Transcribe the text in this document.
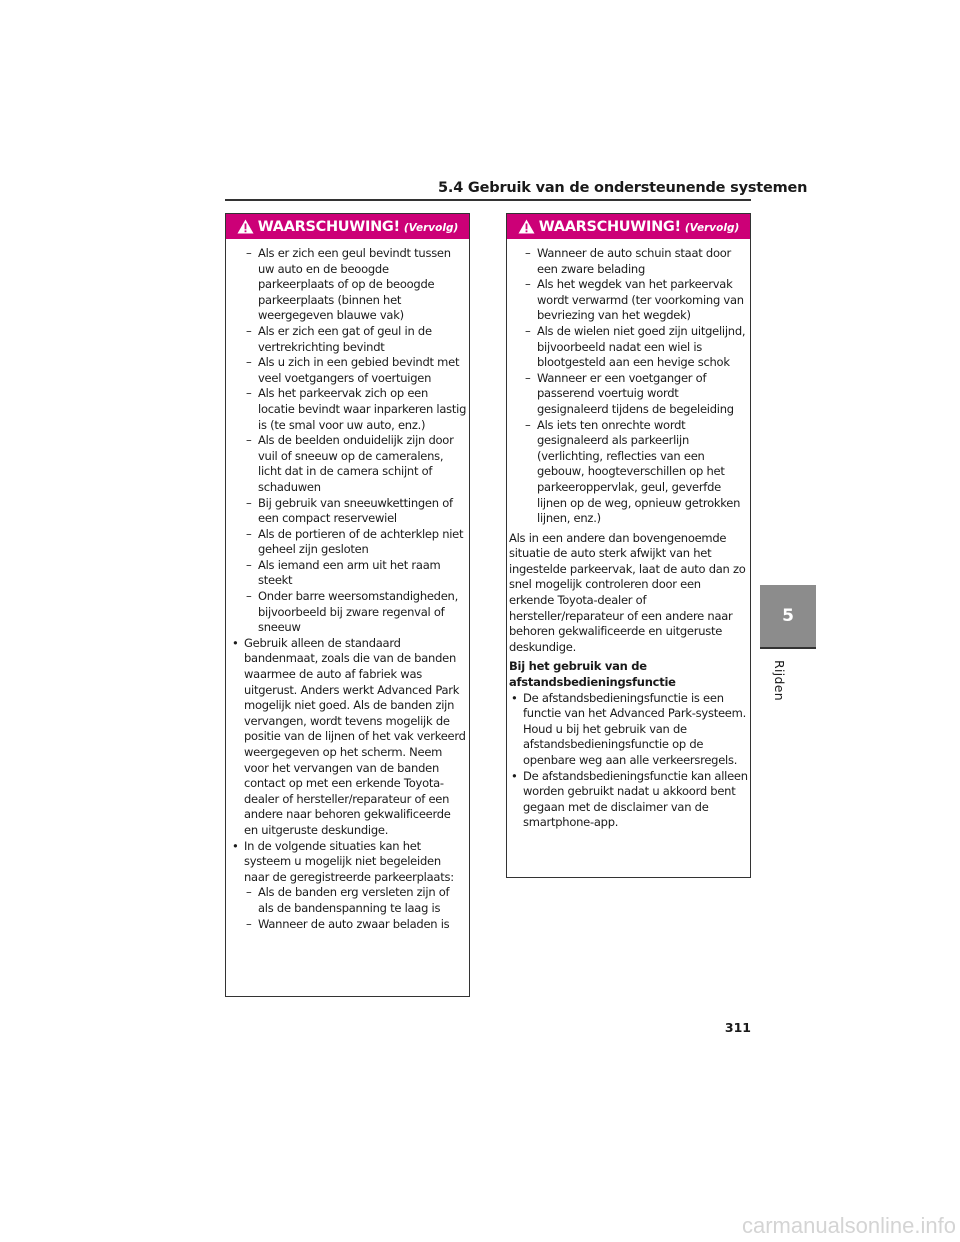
5.4 Gebruik van de ondersteunende systemen
WAARSCHUWING! (Vervolg)
– Als er zich een geul bevindt tussen uw auto en de beoogde parkeerplaats of op de beoogde parkeerplaats (binnen het weergegeven blauwe vak)
– Als er zich een gat of geul in de vertrekrichting bevindt
– Als u zich in een gebied bevindt met veel voetgangers of voertuigen
– Als het parkeervak zich op een locatie bevindt waar inparkeren lastig is (te smal voor uw auto, enz.)
– Als de beelden onduidelijk zijn door vuil of sneeuw op de cameralens, licht dat in de camera schijnt of schaduwen
– Bij gebruik van sneeuwkettingen of een compact reservewiel
– Als de portieren of de achterklep niet geheel zijn gesloten
– Als iemand een arm uit het raam steekt
– Onder barre weersomstandigheden, bijvoorbeeld bij zware regenval of sneeuw
• Gebruik alleen de standaard bandenmaat, zoals die van de banden waarmee de auto af fabriek was uitgerust. Anders werkt Advanced Park mogelijk niet goed. Als de banden zijn vervangen, wordt tevens mogelijk de positie van de lijnen of het vak verkeerd weergegeven op het scherm. Neem voor het vervangen van de banden contact op met een erkende Toyota-dealer of hersteller/reparateur of een andere naar behoren gekwalificeerde en uitgeruste deskundige.
• In de volgende situaties kan het systeem u mogelijk niet begeleiden naar de geregistreerde parkeerplaats:
– Als de banden erg versleten zijn of als de bandenspanning te laag is
– Wanneer de auto zwaar beladen is
WAARSCHUWING! (Vervolg)
– Wanneer de auto schuin staat door een zware belading
– Als het wegdek van het parkeervak wordt verwarmd (ter voorkoming van bevriezing van het wegdek)
– Als de wielen niet goed zijn uitgelijnd, bijvoorbeeld nadat een wiel is blootgesteld aan een hevige schok
– Wanneer er een voetganger of passerend voertuig wordt gesignaleerd tijdens de begeleiding
– Als iets ten onrechte wordt gesignaleerd als parkeerlijn (verlichting, reflecties van een gebouw, hoogteverschillen op het parkeeroppervlak, geul, geverfde lijnen op de weg, opnieuw getrokken lijnen, enz.)

Als in een andere dan bovengenoemde situatie de auto sterk afwijkt van het ingestelde parkeervak, laat de auto dan zo snel mogelijk controleren door een erkende Toyota-dealer of hersteller/reparateur of een andere naar behoren gekwalificeerde en uitgeruste deskundige.

Bij het gebruik van de afstandsbedieningsfunctie
• De afstandsbedieningsfunctie is een functie van het Advanced Park-systeem. Houd u bij het gebruik van de afstandsbedieningsfunctie op de openbare weg aan alle verkeersregels.
• De afstandsbedieningsfunctie kan alleen worden gebruikt nadat u akkoord bent gegaan met de disclaimer van de smartphone-app.
5
Rijden
311
carmanualsonline.info
